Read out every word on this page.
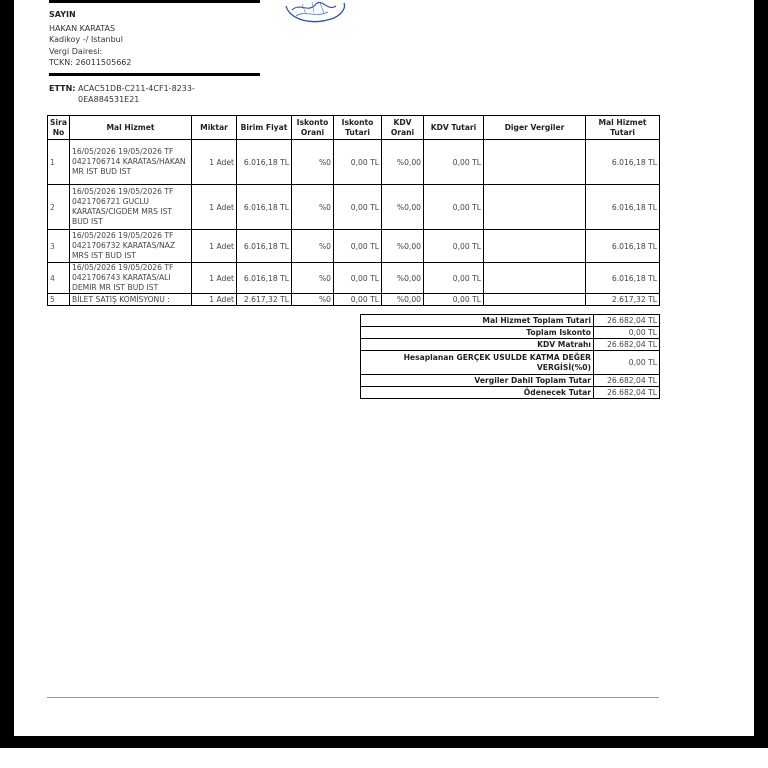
SAYIN
HAKAN KARATAS
Kadikoy -/ Istanbul
Vergi Dairesi:
TCKN: 26011505662
ETTN: ACAC51DB-C211-4CF1-8233-
0EA884531E21
Sira No	Mal Hizmet	Miktar	Birim Fiyat	Iskonto Orani	Iskonto Tutari	KDV Orani	KDV Tutari	Diger Vergiler	Mal Hizmet Tutari
1	16/05/2026 19/05/2026 TF 0421706714 KARATAS/HAKAN MR IST BUD IST	1 Adet	6.016,18 TL	%0	0,00 TL	%0,00	0,00 TL		6.016,18 TL
2	16/05/2026 19/05/2026 TF 0421706721 GUCLU KARATAS/CIGDEM MRS IST BUD IST	1 Adet	6.016,18 TL	%0	0,00 TL	%0,00	0,00 TL		6.016,18 TL
3	16/05/2026 19/05/2026 TF 0421706732 KARATAS/NAZ MRS IST BUD IST	1 Adet	6.016,18 TL	%0	0,00 TL	%0,00	0,00 TL		6.016,18 TL
4	16/05/2026 19/05/2026 TF 0421706743 KARATAS/ALI DEMIR MR IST BUD IST	1 Adet	6.016,18 TL	%0	0,00 TL	%0,00	0,00 TL		6.016,18 TL
5	BİLET SATIŞ KOMİSYONU :	1 Adet	2.617,32 TL	%0	0,00 TL	%0,00	0,00 TL		2.617,32 TL
Mal Hizmet Toplam Tutari	26.682,04 TL
Toplam Iskonto	0,00 TL
KDV Matrahı	26.682,04 TL
Hesaplanan GERÇEK USULDE KATMA DEĞER VERGİSİ(%0)	0,00 TL
Vergiler Dahil Toplam Tutar	26.682,04 TL
Ödenecek Tutar	26.682,04 TL
